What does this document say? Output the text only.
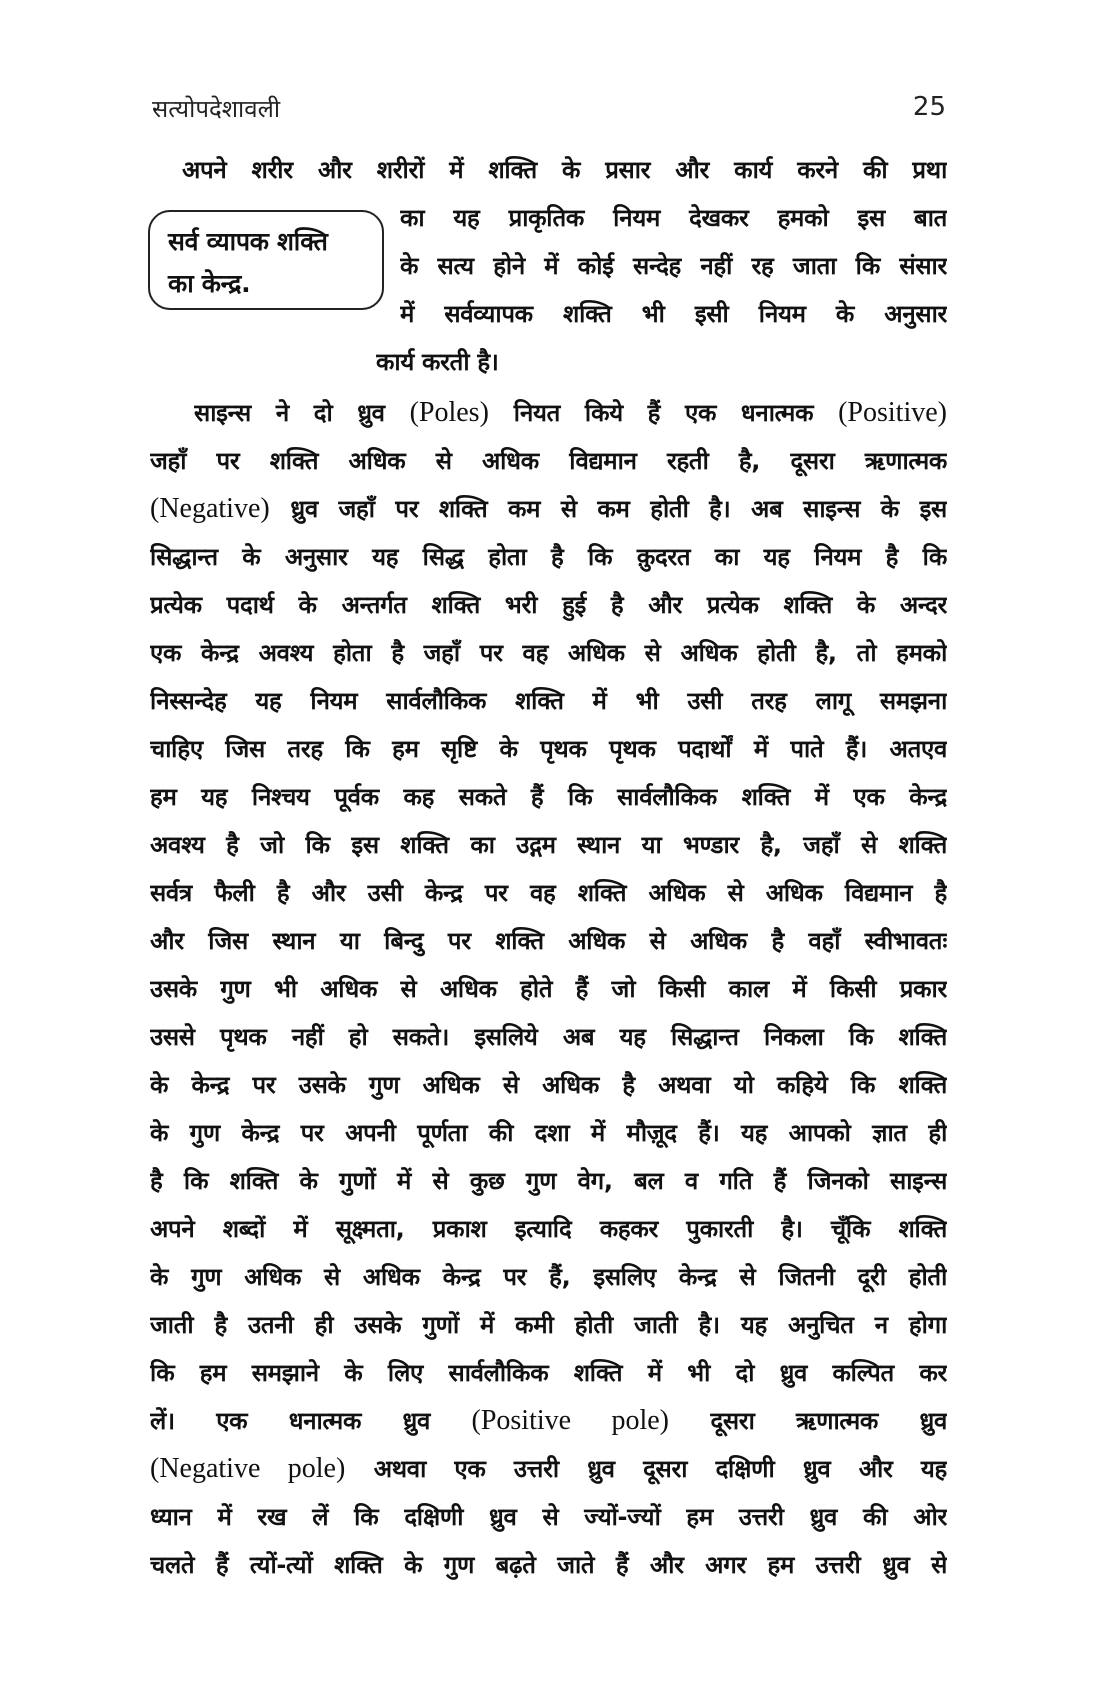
सत्योपदेशावली	25
अपने शरीर और शरीरों में शक्ति के प्रसार और कार्य करने की प्रथा
सर्व व्यापक शक्ति
का केन्द्र.
का यह प्राकृतिक नियम देखकर हमको इस बात
के सत्य होने में कोई सन्देह नहीं रह जाता कि संसार
में सर्वव्यापक शक्ति भी इसी नियम के अनुसार
कार्य करती है।
साइन्स ने दो ध्रुव (Poles) नियत किये हैं एक धनात्मक (Positive)
जहाँ पर शक्ति अधिक से अधिक विद्यमान रहती है, दूसरा ऋणात्मक
(Negative) ध्रुव जहाँ पर शक्ति कम से कम होती है। अब साइन्स के इस
सिद्धान्त के अनुसार यह सिद्ध होता है कि क़ुदरत का यह नियम है कि
प्रत्येक पदार्थ के अन्तर्गत शक्ति भरी हुई है और प्रत्येक शक्ति के अन्दर
एक केन्द्र अवश्य होता है जहाँ पर वह अधिक से अधिक होती है, तो हमको
निस्सन्देह यह नियम सार्वलौकिक शक्ति में भी उसी तरह लागू समझना
चाहिए जिस तरह कि हम सृष्टि के पृथक पृथक पदार्थों में पाते हैं। अतएव
हम यह निश्चय पूर्वक कह सकते हैं कि सार्वलौकिक शक्ति में एक केन्द्र
अवश्य है जो कि इस शक्ति का उद्गम स्थान या भण्डार है, जहाँ से शक्ति
सर्वत्र फैली है और उसी केन्द्र पर वह शक्ति अधिक से अधिक विद्यमान है
और जिस स्थान या बिन्दु पर शक्ति अधिक से अधिक है वहाँ स्वीभावतः
उसके गुण भी अधिक से अधिक होते हैं जो किसी काल में किसी प्रकार
उससे पृथक नहीं हो सकते। इसलिये अब यह सिद्धान्त निकला कि शक्ति
के केन्द्र पर उसके गुण अधिक से अधिक है अथवा यो कहिये कि शक्ति
के गुण केन्द्र पर अपनी पूर्णता की दशा में मौज़ूद हैं। यह आपको ज्ञात ही
है कि शक्ति के गुणों में से कुछ गुण वेग, बल व गति हैं जिनको साइन्स
अपने शब्दों में सूक्ष्मता, प्रकाश इत्यादि कहकर पुकारती है। चूँकि शक्ति
के गुण अधिक से अधिक केन्द्र पर हैं, इसलिए केन्द्र से जितनी दूरी होती
जाती है उतनी ही उसके गुणों में कमी होती जाती है। यह अनुचित न होगा
कि हम समझाने के लिए सार्वलौकिक शक्ति में भी दो ध्रुव कल्पित कर
लें। एक धनात्मक ध्रुव (Positive pole) दूसरा ऋणात्मक ध्रुव
(Negative pole) अथवा एक उत्तरी ध्रुव दूसरा दक्षिणी ध्रुव और यह
ध्यान में रख लें कि दक्षिणी ध्रुव से ज्यों-ज्यों हम उत्तरी ध्रुव की ओर
चलते हैं त्यों-त्यों शक्ति के गुण बढ़ते जाते हैं और अगर हम उत्तरी ध्रुव से
